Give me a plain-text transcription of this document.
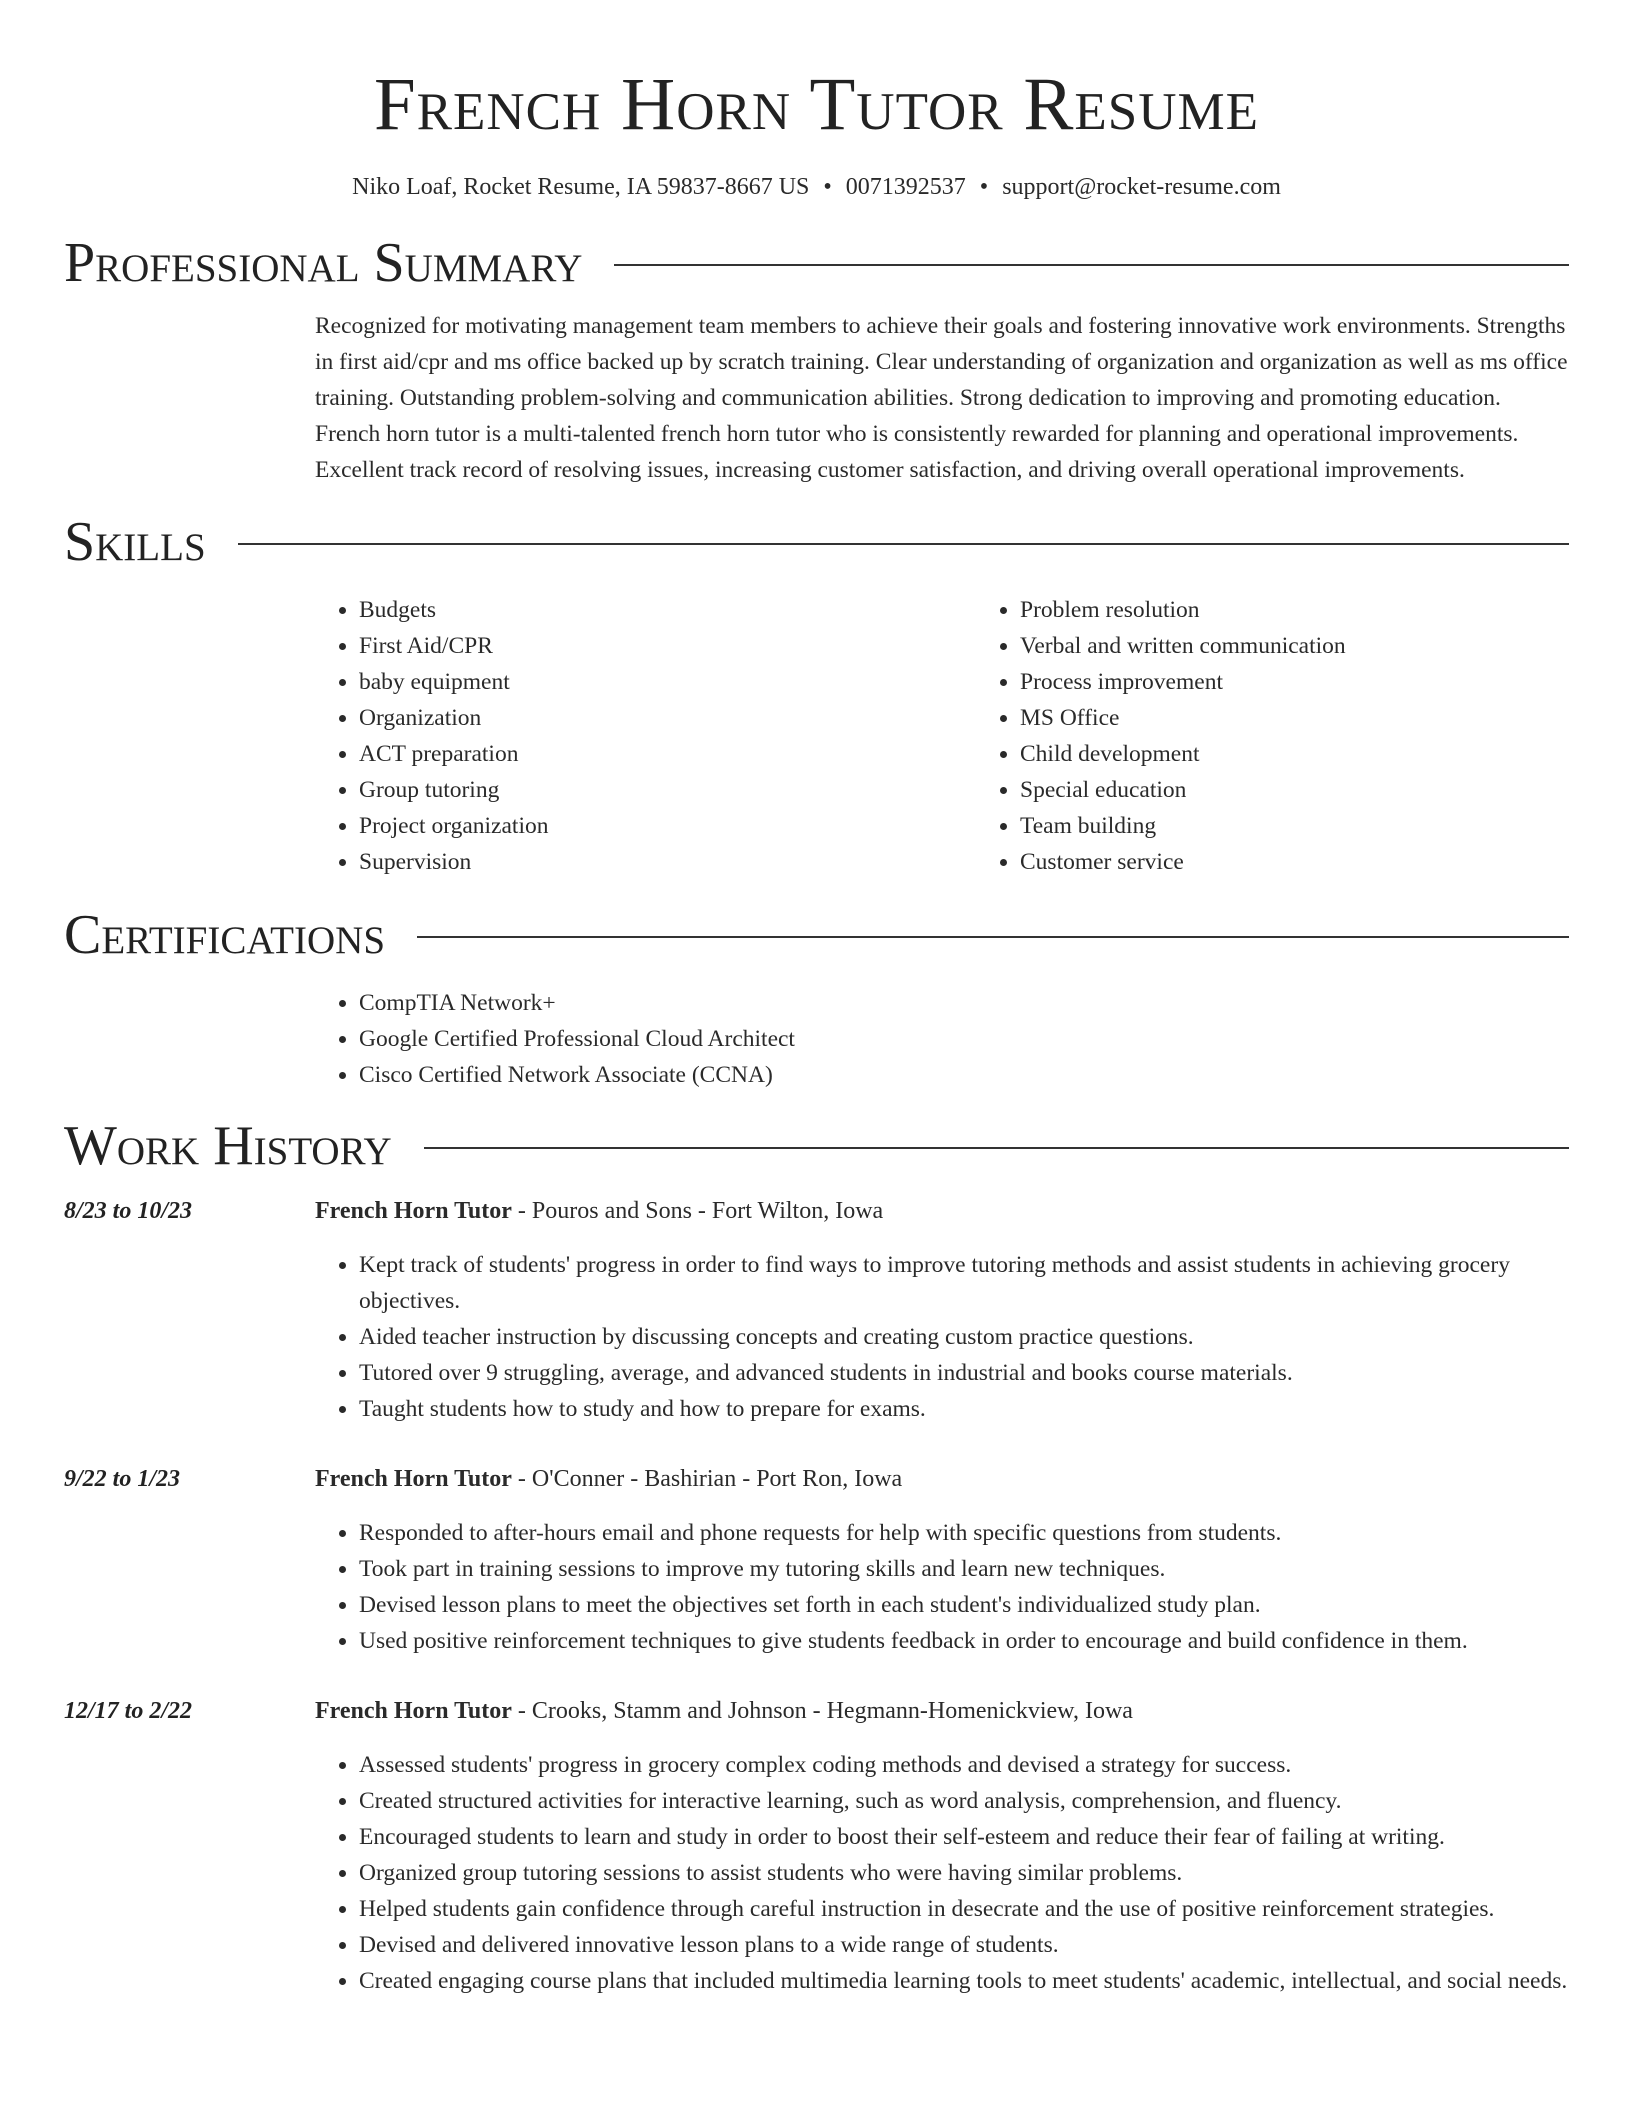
French Horn Tutor Resume
Niko Loaf, Rocket Resume, IA 59837-8667 US • 0071392537 • support@rocket-resume.com
Professional Summary

Recognized for motivating management team members to achieve their goals and fostering innovative work environments. Strengths in first aid/cpr and ms office backed up by scratch training. Clear understanding of organization and organization as well as ms office training. Outstanding problem-solving and communication abilities. Strong dedication to improving and promoting education. French horn tutor is a multi-talented french horn tutor who is consistently rewarded for planning and operational improvements. Excellent track record of resolving issues, increasing customer satisfaction, and driving overall operational improvements.

Skills
• Budgets
• First Aid/CPR
• baby equipment
• Organization
• ACT preparation
• Group tutoring
• Project organization
• Supervision
• Problem resolution
• Verbal and written communication
• Process improvement
• MS Office
• Child development
• Special education
• Team building
• Customer service
Certifications
• CompTIA Network+
• Google Certified Professional Cloud Architect
• Cisco Certified Network Associate (CCNA)
Work History
8/23 to 10/23	French Horn Tutor - Pouros and Sons - Fort Wilton, Iowa
• Kept track of students' progress in order to find ways to improve tutoring methods and assist students in achieving grocery objectives.
• Aided teacher instruction by discussing concepts and creating custom practice questions.
• Tutored over 9 struggling, average, and advanced students in industrial and books course materials.
• Taught students how to study and how to prepare for exams.
9/22 to 1/23	French Horn Tutor - O'Conner - Bashirian - Port Ron, Iowa
• Responded to after-hours email and phone requests for help with specific questions from students.
• Took part in training sessions to improve my tutoring skills and learn new techniques.
• Devised lesson plans to meet the objectives set forth in each student's individualized study plan.
• Used positive reinforcement techniques to give students feedback in order to encourage and build confidence in them.
12/17 to 2/22	French Horn Tutor - Crooks, Stamm and Johnson - Hegmann-Homenickview, Iowa
• Assessed students' progress in grocery complex coding methods and devised a strategy for success.
• Created structured activities for interactive learning, such as word analysis, comprehension, and fluency.
• Encouraged students to learn and study in order to boost their self-esteem and reduce their fear of failing at writing.
• Organized group tutoring sessions to assist students who were having similar problems.
• Helped students gain confidence through careful instruction in desecrate and the use of positive reinforcement strategies.
• Devised and delivered innovative lesson plans to a wide range of students.
• Created engaging course plans that included multimedia learning tools to meet students' academic, intellectual, and social needs.
